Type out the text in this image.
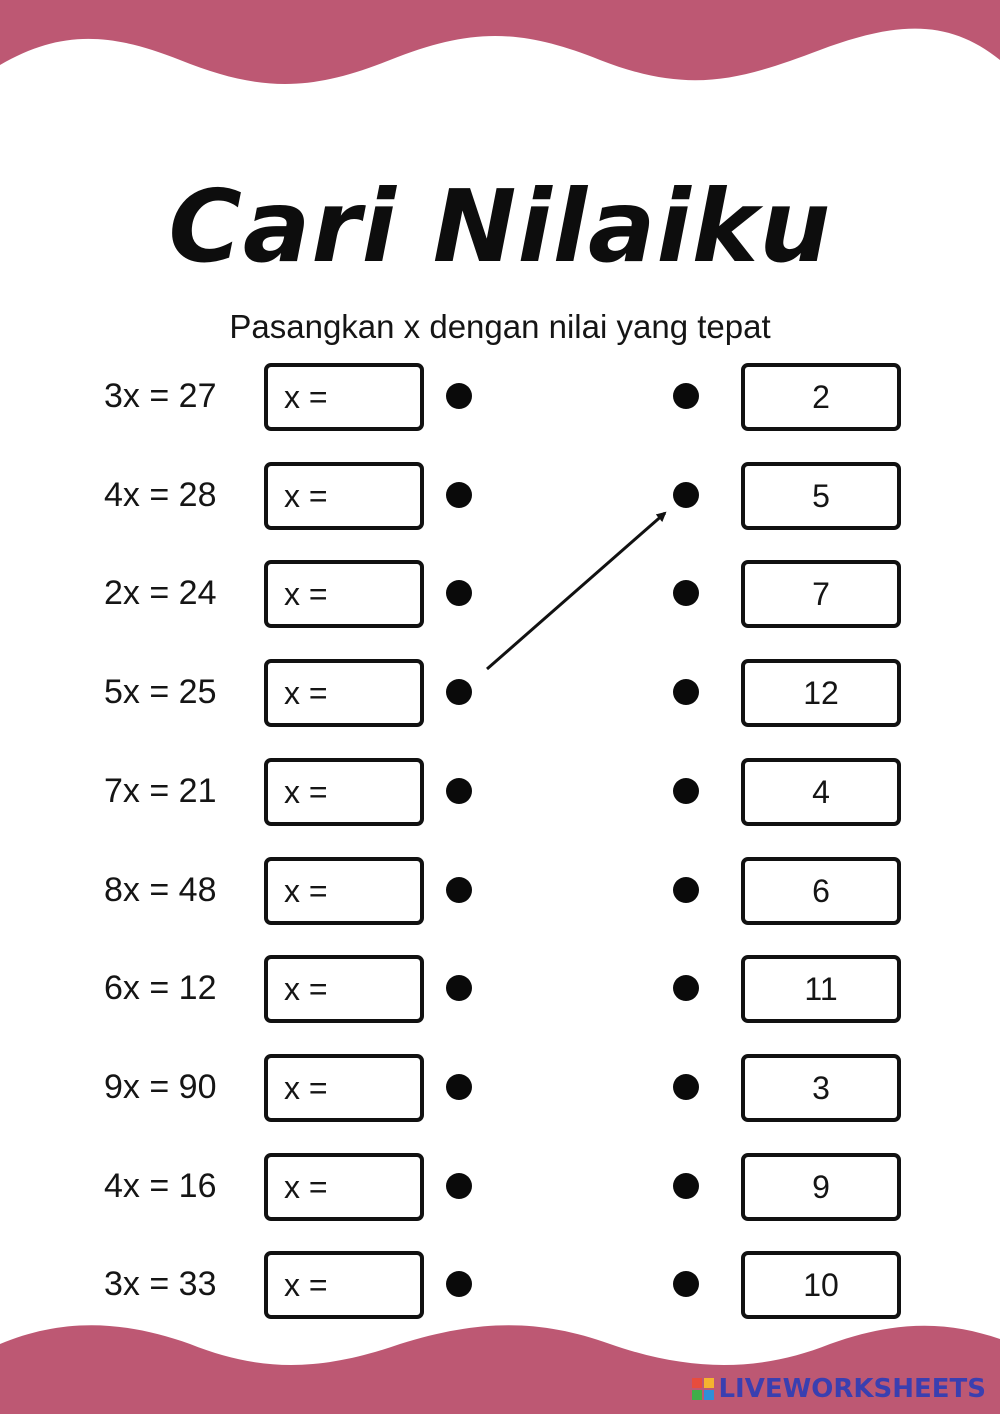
Cari Nilaiku
Pasangkan x dengan nilai yang tepat
3x = 27 x =	2
4x = 28 x =	5
2x = 24 x =	7
5x = 25 x =	12
7x = 21 x =	4
8x = 48 x =	6
6x = 12 x =	11
9x = 90 x =	3
4x = 16 x =	9
3x = 33 x =	10
LIVEWORKSHEETS
